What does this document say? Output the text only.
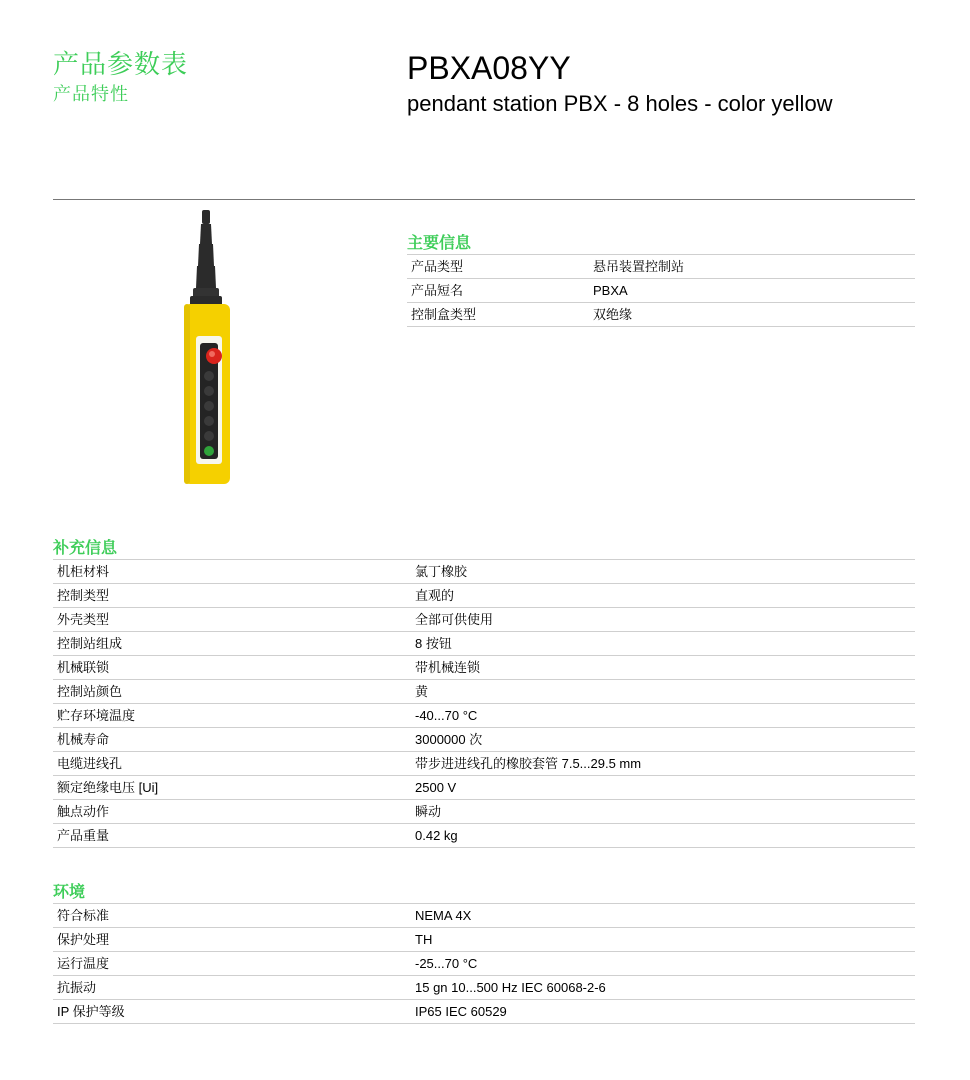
产品参数表
产品特性
PBXA08YY
pendant station PBX - 8 holes - color yellow
主要信息
产品类型	悬吊装置控制站
产品短名	PBXA
控制盒类型	双绝缘
补充信息
机柜材料	氯丁橡胶
控制类型	直观的
外壳类型	全部可供使用
控制站组成	8 按钮
机械联锁	带机械连锁
控制站颜色	黄
贮存环境温度	-40...70 °C
机械寿命	3000000 次
电缆进线孔	带步进进线孔的橡胶套管 7.5...29.5 mm
额定绝缘电压 [Ui]	2500 V
触点动作	瞬动
产品重量	0.42 kg
环境
符合标准	NEMA 4X
保护处理	TH
运行温度	-25...70 °C
抗振动	15 gn 10...500 Hz IEC 60068-2-6
IP 保护等级	IP65 IEC 60529
